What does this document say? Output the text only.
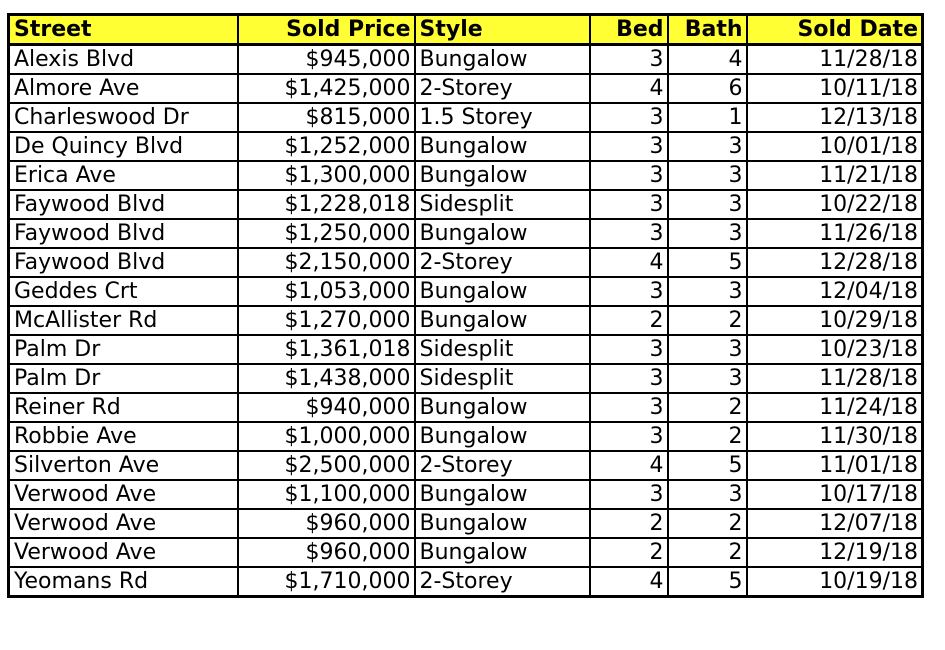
Street	Sold Price	Style	Bed	Bath	Sold Date
Alexis Blvd	$945,000	Bungalow	3	4	11/28/18
Almore Ave	$1,425,000	2-Storey	4	6	10/11/18
Charleswood Dr	$815,000	1.5 Storey	3	1	12/13/18
De Quincy Blvd	$1,252,000	Bungalow	3	3	10/01/18
Erica Ave	$1,300,000	Bungalow	3	3	11/21/18
Faywood Blvd	$1,228,018	Sidesplit	3	3	10/22/18
Faywood Blvd	$1,250,000	Bungalow	3	3	11/26/18
Faywood Blvd	$2,150,000	2-Storey	4	5	12/28/18
Geddes Crt	$1,053,000	Bungalow	3	3	12/04/18
McAllister Rd	$1,270,000	Bungalow	2	2	10/29/18
Palm Dr	$1,361,018	Sidesplit	3	3	10/23/18
Palm Dr	$1,438,000	Sidesplit	3	3	11/28/18
Reiner Rd	$940,000	Bungalow	3	2	11/24/18
Robbie Ave	$1,000,000	Bungalow	3	2	11/30/18
Silverton Ave	$2,500,000	2-Storey	4	5	11/01/18
Verwood Ave	$1,100,000	Bungalow	3	3	10/17/18
Verwood Ave	$960,000	Bungalow	2	2	12/07/18
Verwood Ave	$960,000	Bungalow	2	2	12/19/18
Yeomans Rd	$1,710,000	2-Storey	4	5	10/19/18
